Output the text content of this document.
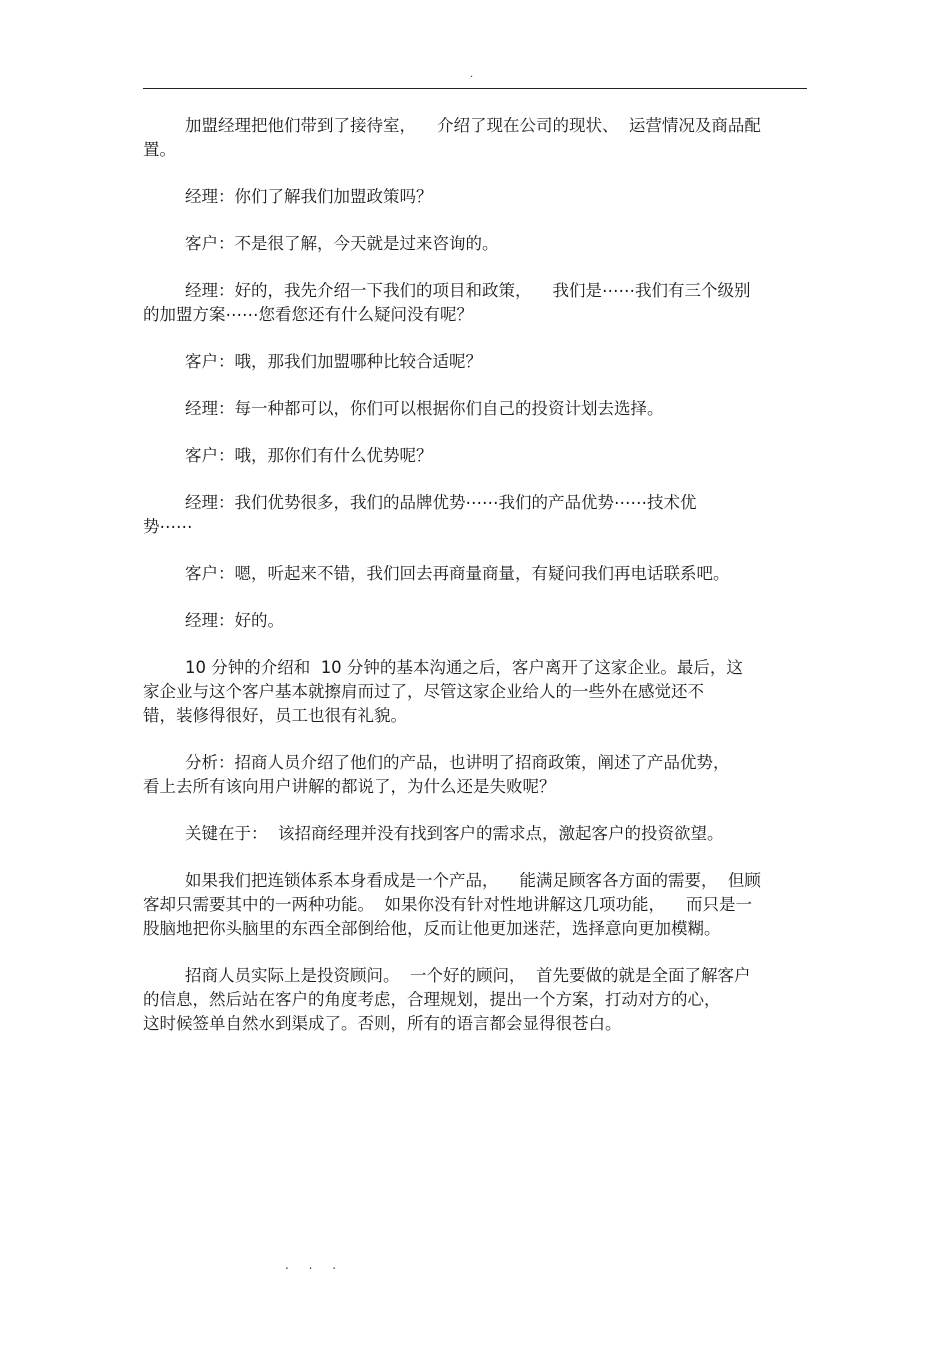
.

加盟经理把他们带到了接待室，    介绍了现在公司的现状、  运营情况及商品配
置。

经理：你们了解我们加盟政策吗？

客户：不是很了解，今天就是过来咨询的。

经理：好的，我先介绍一下我们的项目和政策，    我们是⋯⋯我们有三个级别
的加盟方案⋯⋯您看您还有什么疑问没有呢？

客户：哦，那我们加盟哪种比较合适呢？

经理：每一种都可以，你们可以根据你们自己的投资计划去选择。

客户：哦，那你们有什么优势呢？

经理：我们优势很多，我们的品牌优势⋯⋯我们的产品优势⋯⋯技术优
势⋯⋯

客户：嗯，听起来不错，我们回去再商量商量，有疑问我们再电话联系吧。

经理：好的。

10 分钟的介绍和  10 分钟的基本沟通之后，客户离开了这家企业。最后，这
家企业与这个客户基本就擦肩而过了，尽管这家企业给人的一些外在感觉还不
错，装修得很好，员工也很有礼貌。

分析：招商人员介绍了他们的产品，也讲明了招商政策，阐述了产品优势，
看上去所有该向用户讲解的都说了，为什么还是失败呢？

关键在于：  该招商经理并没有找到客户的需求点，激起客户的投资欲望。

如果我们把连锁体系本身看成是一个产品，    能满足顾客各方面的需要，  但顾
客却只需要其中的一两种功能。  如果你没有针对性地讲解这几项功能，    而只是一
股脑地把你头脑里的东西全部倒给他，反而让他更加迷茫，选择意向更加模糊。

招商人员实际上是投资顾问。  一个好的顾问，  首先要做的就是全面了解客户
的信息，然后站在客户的角度考虑，合理规划，提出一个方案，打动对方的心，
这时候签单自然水到渠成了。否则，所有的语言都会显得很苍白。

. . .
